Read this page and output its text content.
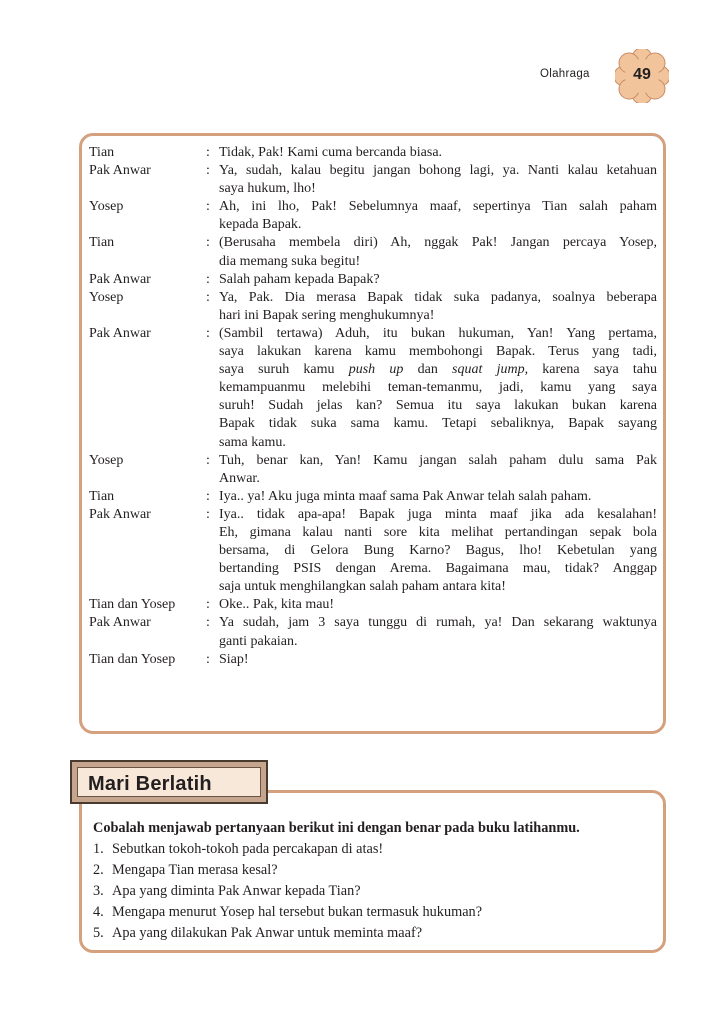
Olahraga	49
Tian	: Tidak, Pak! Kami cuma bercanda biasa.
Pak Anwar	: Ya, sudah, kalau begitu jangan bohong lagi, ya. Nanti kalau ketahuan
saya hukum, lho!
Yosep	: Ah, ini lho, Pak! Sebelumnya maaf, sepertinya Tian salah paham
kepada Bapak.
Tian	: (Berusaha membela diri) Ah, nggak Pak! Jangan percaya Yosep,
dia memang suka begitu!
Pak Anwar	: Salah paham kepada Bapak?
Yosep	: Ya, Pak. Dia merasa Bapak tidak suka padanya, soalnya beberapa
hari ini Bapak sering menghukumnya!
Pak Anwar	: (Sambil tertawa) Aduh, itu bukan hukuman, Yan! Yang pertama,
saya lakukan karena kamu membohongi Bapak. Terus yang tadi,
saya suruh kamu push up dan squat jump, karena saya tahu
kemampuanmu melebihi teman-temanmu, jadi, kamu yang saya
suruh! Sudah jelas kan? Semua itu saya lakukan bukan karena
Bapak tidak suka sama kamu. Tetapi sebaliknya, Bapak sayang
sama kamu.
Yosep	: Tuh, benar kan, Yan! Kamu jangan salah paham dulu sama Pak
Anwar.
Tian	: Iya.. ya! Aku juga minta maaf sama Pak Anwar telah salah paham.
Pak Anwar	: Iya.. tidak apa-apa! Bapak juga minta maaf jika ada kesalahan!
Eh, gimana kalau nanti sore kita melihat pertandingan sepak bola
bersama, di Gelora Bung Karno? Bagus, lho! Kebetulan yang
bertanding PSIS dengan Arema. Bagaimana mau, tidak? Anggap
saja untuk menghilangkan salah paham antara kita!
Tian dan Yosep : Oke.. Pak, kita mau!
Pak Anwar	: Ya sudah, jam 3 saya tunggu di rumah, ya! Dan sekarang waktunya
ganti pakaian.
Tian dan Yosep : Siap!
Mari Berlatih
Cobalah menjawab pertanyaan berikut ini dengan benar pada buku latihanmu.
1. Sebutkan tokoh-tokoh pada percakapan di atas!
2. Mengapa Tian merasa kesal?
3. Apa yang diminta Pak Anwar kepada Tian?
4. Mengapa menurut Yosep hal tersebut bukan termasuk hukuman?
5. Apa yang dilakukan Pak Anwar untuk meminta maaf?
